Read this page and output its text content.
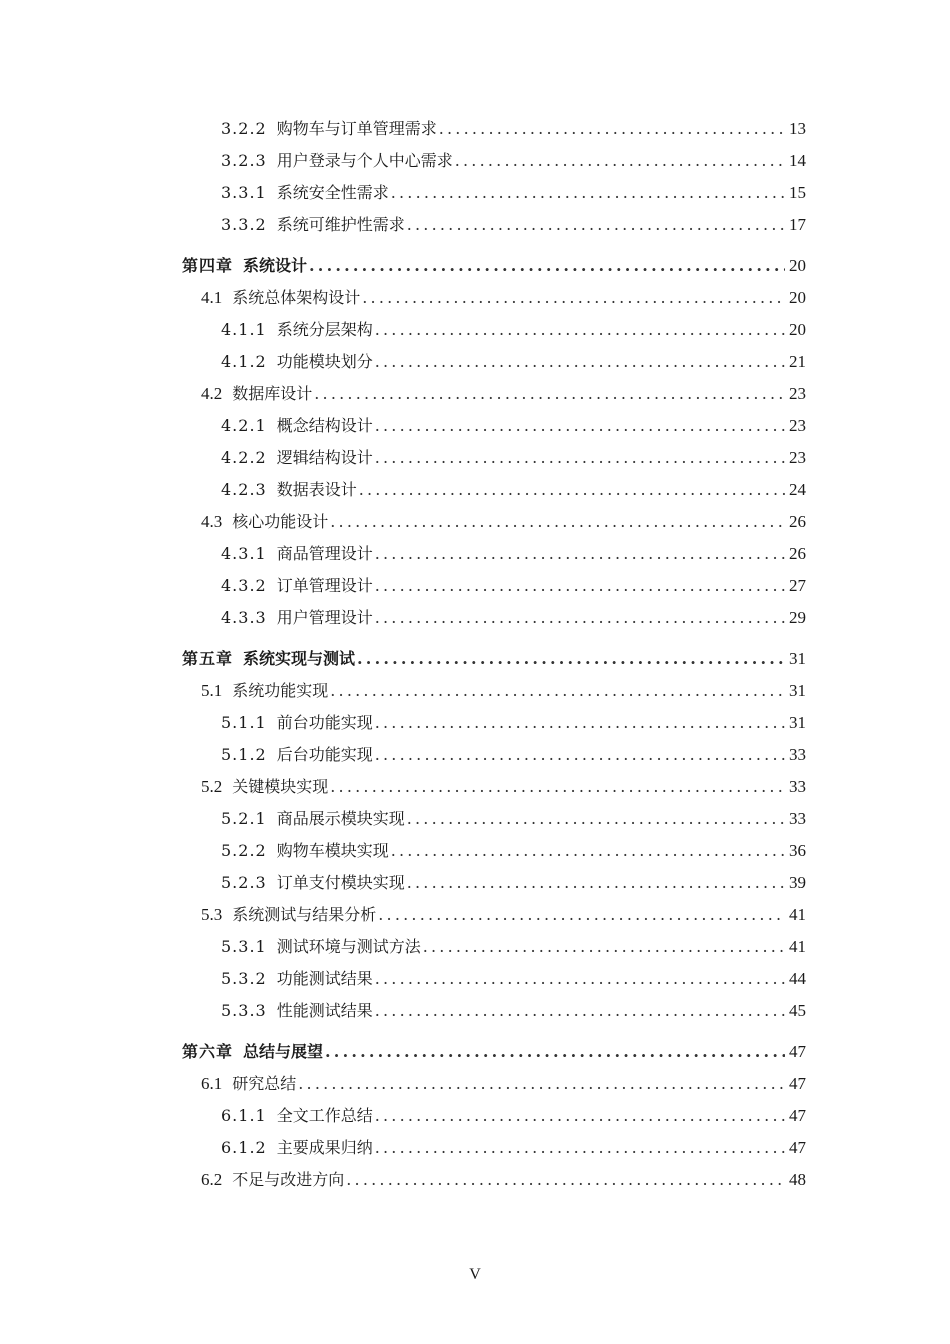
3.2.2 购物车与订单管理需求 .....	13
3.2.3 用户登录与个人中心需求 .....	14
3.3.1 系统安全性需求 .....	15
3.3.2 系统可维护性需求 .....	17
第四章 系统设计 .....	20
4.1 系统总体架构设计 .....	20
4.1.1 系统分层架构 .....	20
4.1.2 功能模块划分 .....	21
4.2 数据库设计 .....	23
4.2.1 概念结构设计 .....	23
4.2.2 逻辑结构设计 .....	23
4.2.3 数据表设计 .....	24
4.3 核心功能设计 .....	26
4.3.1 商品管理设计 .....	26
4.3.2 订单管理设计 .....	27
4.3.3 用户管理设计 .....	29
第五章 系统实现与测试 .....	31
5.1 系统功能实现 .....	31
5.1.1 前台功能实现 .....	31
5.1.2 后台功能实现 .....	33
5.2 关键模块实现 .....	33
5.2.1 商品展示模块实现 .....	33
5.2.2 购物车模块实现 .....	36
5.2.3 订单支付模块实现 .....	39
5.3 系统测试与结果分析 .....	41
5.3.1 测试环境与测试方法 .....	41
5.3.2 功能测试结果 .....	44
5.3.3 性能测试结果 .....	45
第六章 总结与展望 .....	47
6.1 研究总结 .....	47
6.1.1 全文工作总结 .....	47
6.1.2 主要成果归纳 .....	47
6.2 不足与改进方向 .....	48
V
